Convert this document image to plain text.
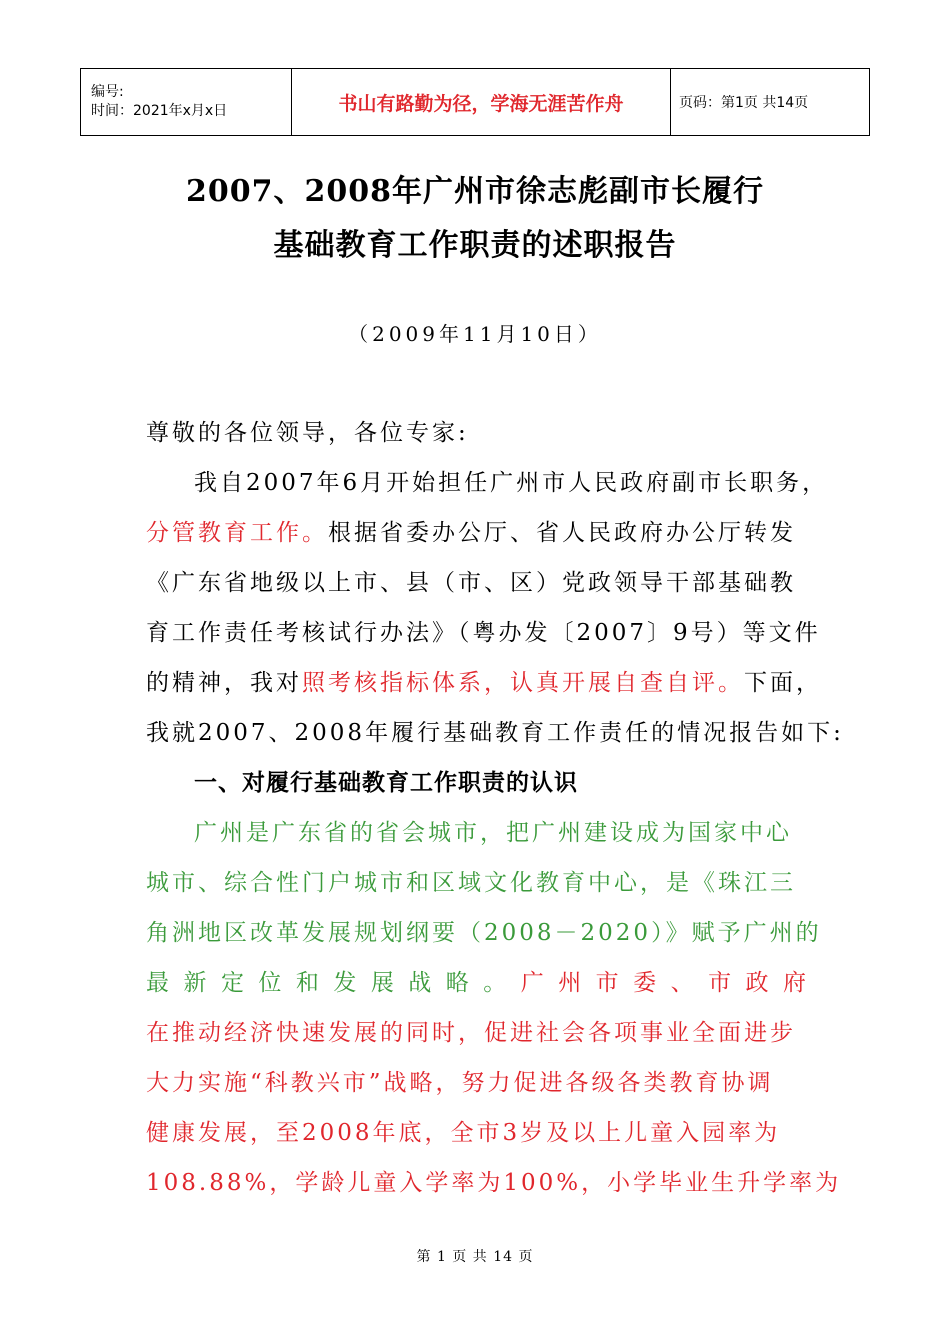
编号:
时间：2021年x月x日	书山有路勤为径，学海无涯苦作舟	页码：第1页 共14页
2007、2008年广州市徐志彪副市长履行
基础教育工作职责的述职报告
（2009年11月10日）
尊敬的各位领导，各位专家:
我自2007年6月开始担任广州市人民政府副市长职务，
分管教育工作。根据省委办公厅、省人民政府办公厅转发
《广东省地级以上市、县（市、区）党政领导干部基础教
育工作责任考核试行办法》（粤办发〔2007〕9号）等文件
的精神，我对照考核指标体系，认真开展自查自评。下面，
我就2007、2008年履行基础教育工作责任的情况报告如下:
一、对履行基础教育工作职责的认识
广州是广东省的省会城市，把广州建设成为国家中心
城市、综合性门户城市和区域文化教育中心，是《珠江三
角洲地区改革发展规划纲要（2008－2020）》赋予广州的
最新定位和发展战略。广州市委、市政府
在推动经济快速发展的同时，促进社会各项事业全面进步
大力实施“科教兴市”战略，努力促进各级各类教育协调
健康发展，至2008年底，全市3岁及以上儿童入园率为
108.88%，学龄儿童入学率为100%，小学毕业生升学率为
第 1 页 共 14 页
